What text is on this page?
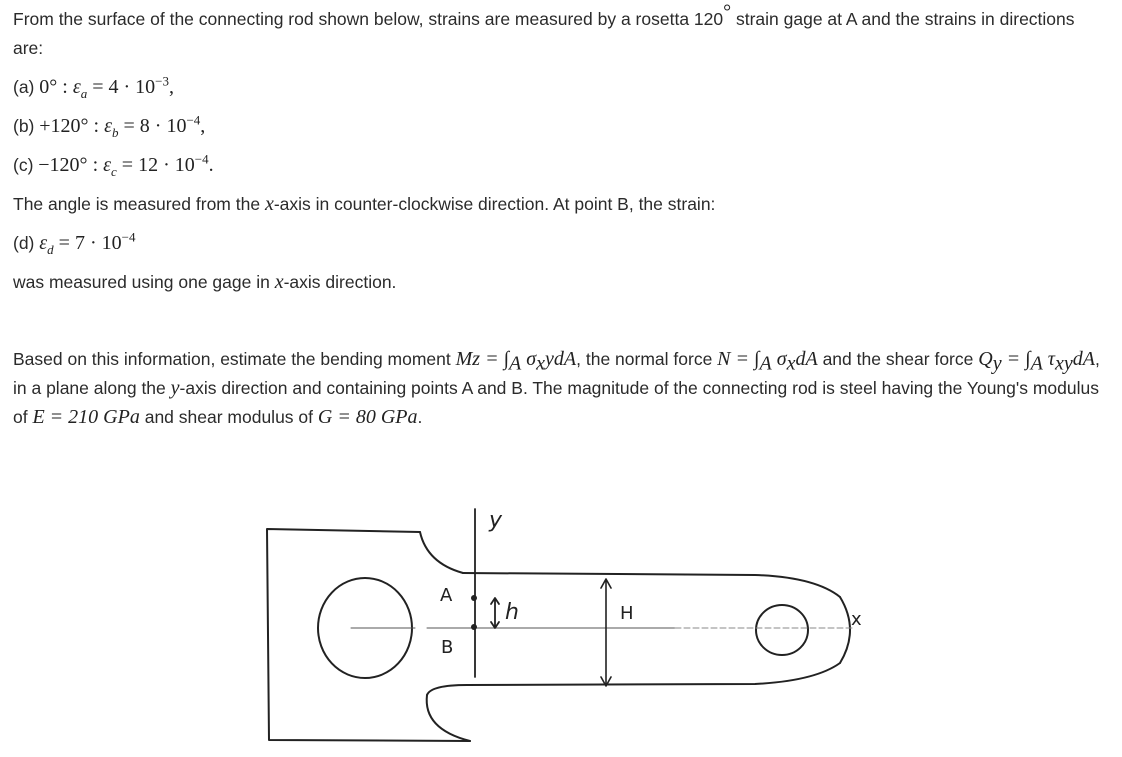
From the surface of the connecting rod shown below, strains are measured by a rosetta 120° strain gage at A and the strains in directions are:

(a) 0° : $\varepsilon_a = 4 \cdot 10^{-3}$,

(b) +120° : $\varepsilon_b = 8 \cdot 10^{-4}$,

(c) −120° : $\varepsilon_c = 12 \cdot 10^{-4}$.

The angle is measured from the x-axis in counter-clockwise direction. At point B, the strain:

(d) $\varepsilon_d = 7 \cdot 10^{-4}$

was measured using one gage in x-axis direction.

Based on this information, estimate the bending moment $Mz = \int_A$ $\sigma_xydA$, the normal force $N = \int_A$ $\sigma_xdA$ and the shear force $Q_y = \int_A$ $\tau_{xy}dA$, in a plane along the y-axis direction and containing points A and B. The magnitude of the connecting rod is steel having the Young's modulus of E = 210 GPa and shear modulus of G = 80 GPa.

y
A
B
h	H	x
